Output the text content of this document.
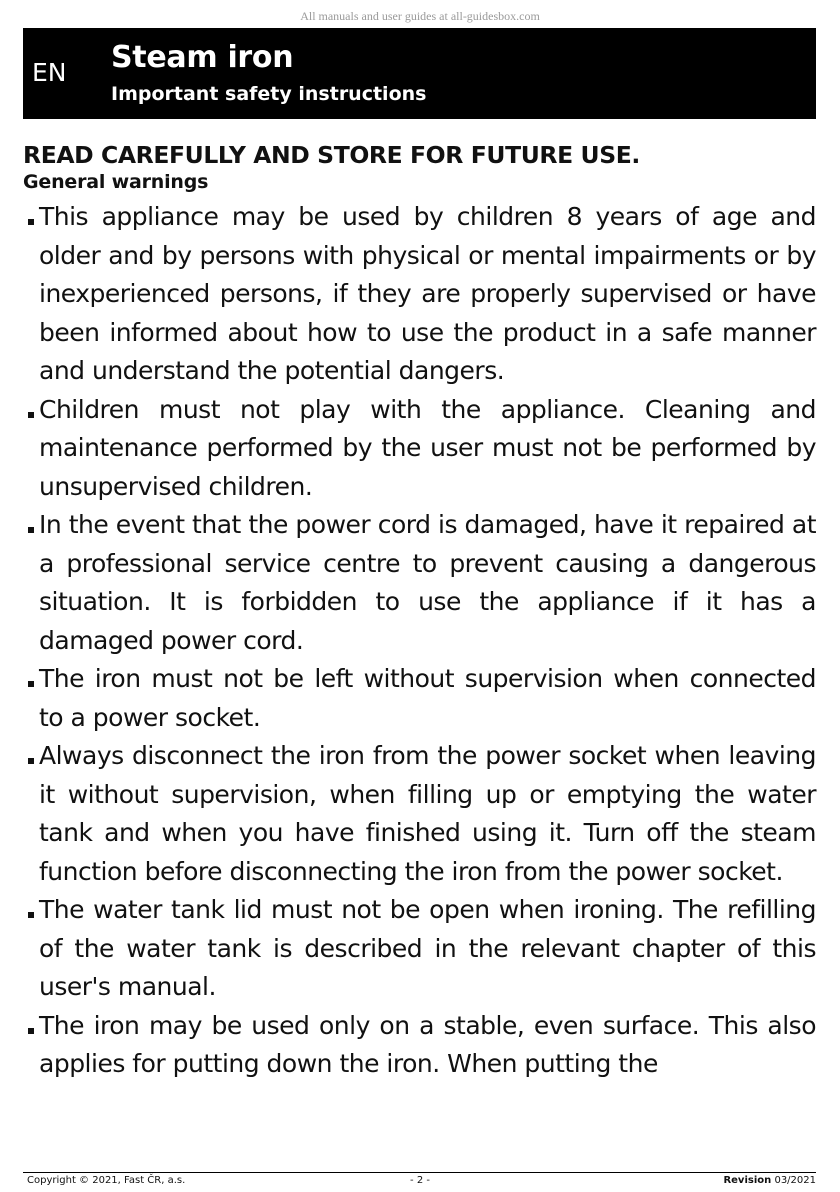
All manuals and user guides at all-guidesbox.com
EN Steam iron
Important safety instructions
READ CAREFULLY AND STORE FOR FUTURE USE.
General warnings
This appliance may be used by children 8 years of age and older and by persons with physical or mental impairments or by inexperienced persons, if they are properly supervised or have been informed about how to use the product in a safe manner and understand the potential dangers.
Children must not play with the appliance. Cleaning and maintenance performed by the user must not be performed by unsupervised children.
In the event that the power cord is damaged, have it repaired at a professional service centre to prevent causing a dangerous situation. It is forbidden to use the appliance if it has a damaged power cord.
The iron must not be left without supervision when connected to a power socket.
Always disconnect the iron from the power socket when leaving it without supervision, when filling up or emptying the water tank and when you have finished using it. Turn off the steam function before disconnecting the iron from the power socket.
The water tank lid must not be open when ironing. The refilling of the water tank is described in the relevant chapter of this user's manual.
The iron may be used only on a stable, even surface. This also applies for putting down the iron. When putting the
Copyright © 2021, Fast ČR, a.s.	- 2 -	Revision 03/2021
